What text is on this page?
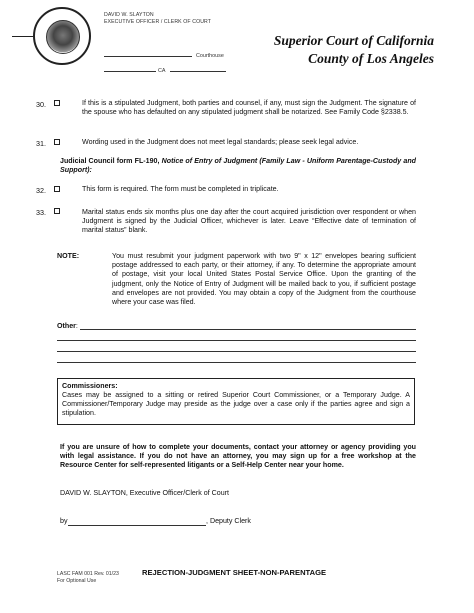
DAVID W. SLAYTON
EXECUTIVE OFFICER / CLERK OF COURT
Courthouse
CA
Superior Court of California
County of Los Angeles
30.	If this is a stipulated Judgment, both parties and counsel, if any, must sign the Judgment. The signature of the spouse who has defaulted on any stipulated judgment shall be notarized. See Family Code §2338.5.
31.	Wording used in the Judgment does not meet legal standards; please seek legal advice.
Judicial Council form FL-190, Notice of Entry of Judgment (Family Law - Uniform Parentage-Custody and Support):
32.	This form is required. The form must be completed in triplicate.
33.	Marital status ends six months plus one day after the court acquired jurisdiction over respondent or when Judgment is signed by the Judicial Officer, whichever is later. Leave “Effective date of termination of marital status” blank.
NOTE:	You must resubmit your judgment paperwork with two 9" x 12" envelopes bearing sufficient postage addressed to each party, or their attorney, if any. To determine the appropriate amount of postage, visit your local United States Postal Service Office. Upon the granting of the judgment, only the Notice of Entry of Judgment will be mailed back to you, if sufficient postage and envelopes are not provided. You may obtain a copy of the Judgment from the courthouse where your case was filed.
Other:
Commissioners:
Cases may be assigned to a sitting or retired Superior Court Commissioner, or a Temporary Judge. A Commissioner/Temporary Judge may preside as the judge over a case only if the parties agree and sign a stipulation.
If you are unsure of how to complete your documents, contact your attorney or agency providing you with legal assistance. If you do not have an attorney, you may sign up for a free workshop at the Resource Center for self-represented litigants or a Self-Help Center near your home.
DAVID W. SLAYTON, Executive Officer/Clerk of Court
by	, Deputy Clerk
LASC FAM 001 Rev. 01/23
For Optional Use
REJECTION-JUDGMENT SHEET-NON-PARENTAGE
